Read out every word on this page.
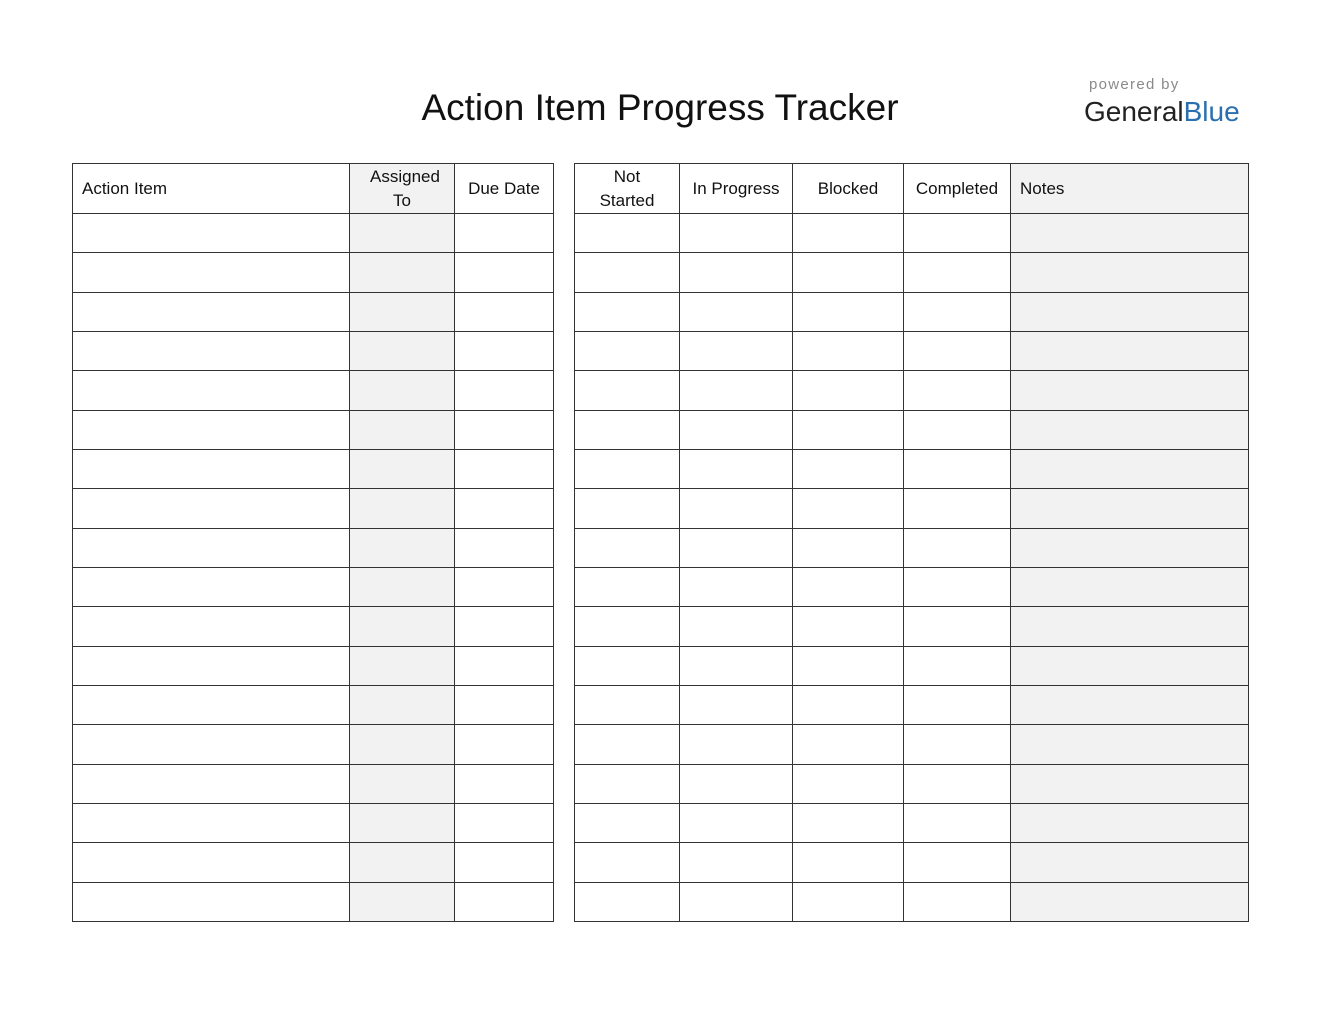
Action Item Progress Tracker
powered by
GeneralBlue
Action Item	Assigned To	Due Date

Not Started	In Progress	Blocked	Completed	Notes
